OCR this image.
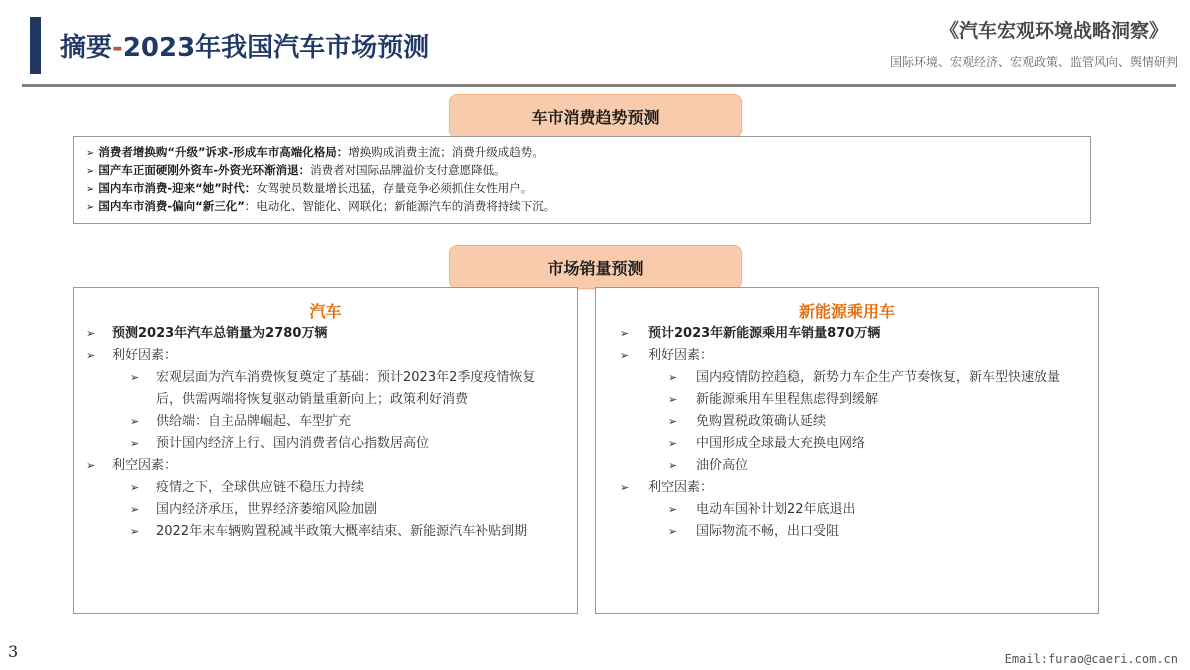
摘要-2023年我国汽车市场预测
《汽车宏观环境战略洞察》
国际环境、宏观经济、宏观政策、监管风向、舆情研判
车市消费趋势预测
➢ 消费者增换购“升级”诉求-形成车市高端化格局：增换购成消费主流；消费升级成趋势。
➢ 国产车正面硬刚外资车-外资光环渐消退：消费者对国际品牌溢价支付意愿降低。
➢ 国内车市消费-迎来“她”时代：女驾驶员数量增长迅猛，存量竞争必须抓住女性用户。
➢ 国内车市消费-偏向“新三化”：电动化、智能化、网联化；新能源汽车的消费将持续下沉。
市场销量预测
汽车
➢ 预测2023年汽车总销量为2780万辆
➢ 利好因素：
➢ 宏观层面为汽车消费恢复奠定了基础：预计2023年2季度疫情恢复后，供需两端将恢复驱动销量重新向上；政策利好消费
➢ 供给端：自主品牌崛起、车型扩充
➢ 预计国内经济上行、国内消费者信心指数居高位
➢ 利空因素：
➢ 疫情之下，全球供应链不稳压力持续
➢ 国内经济承压，世界经济萎缩风险加剧
➢ 2022年末车辆购置税减半政策大概率结束、新能源汽车补贴到期
新能源乘用车
➢ 预计2023年新能源乘用车销量870万辆
➢ 利好因素：
➢ 国内疫情防控趋稳，新势力车企生产节奏恢复，新车型快速放量
➢ 新能源乘用车里程焦虑得到缓解
➢ 免购置税政策确认延续
➢ 中国形成全球最大充换电网络
➢ 油价高位
➢ 利空因素：
➢ 电动车国补计划22年底退出
➢ 国际物流不畅，出口受阻
3	Email:furao@caeri.com.cn
